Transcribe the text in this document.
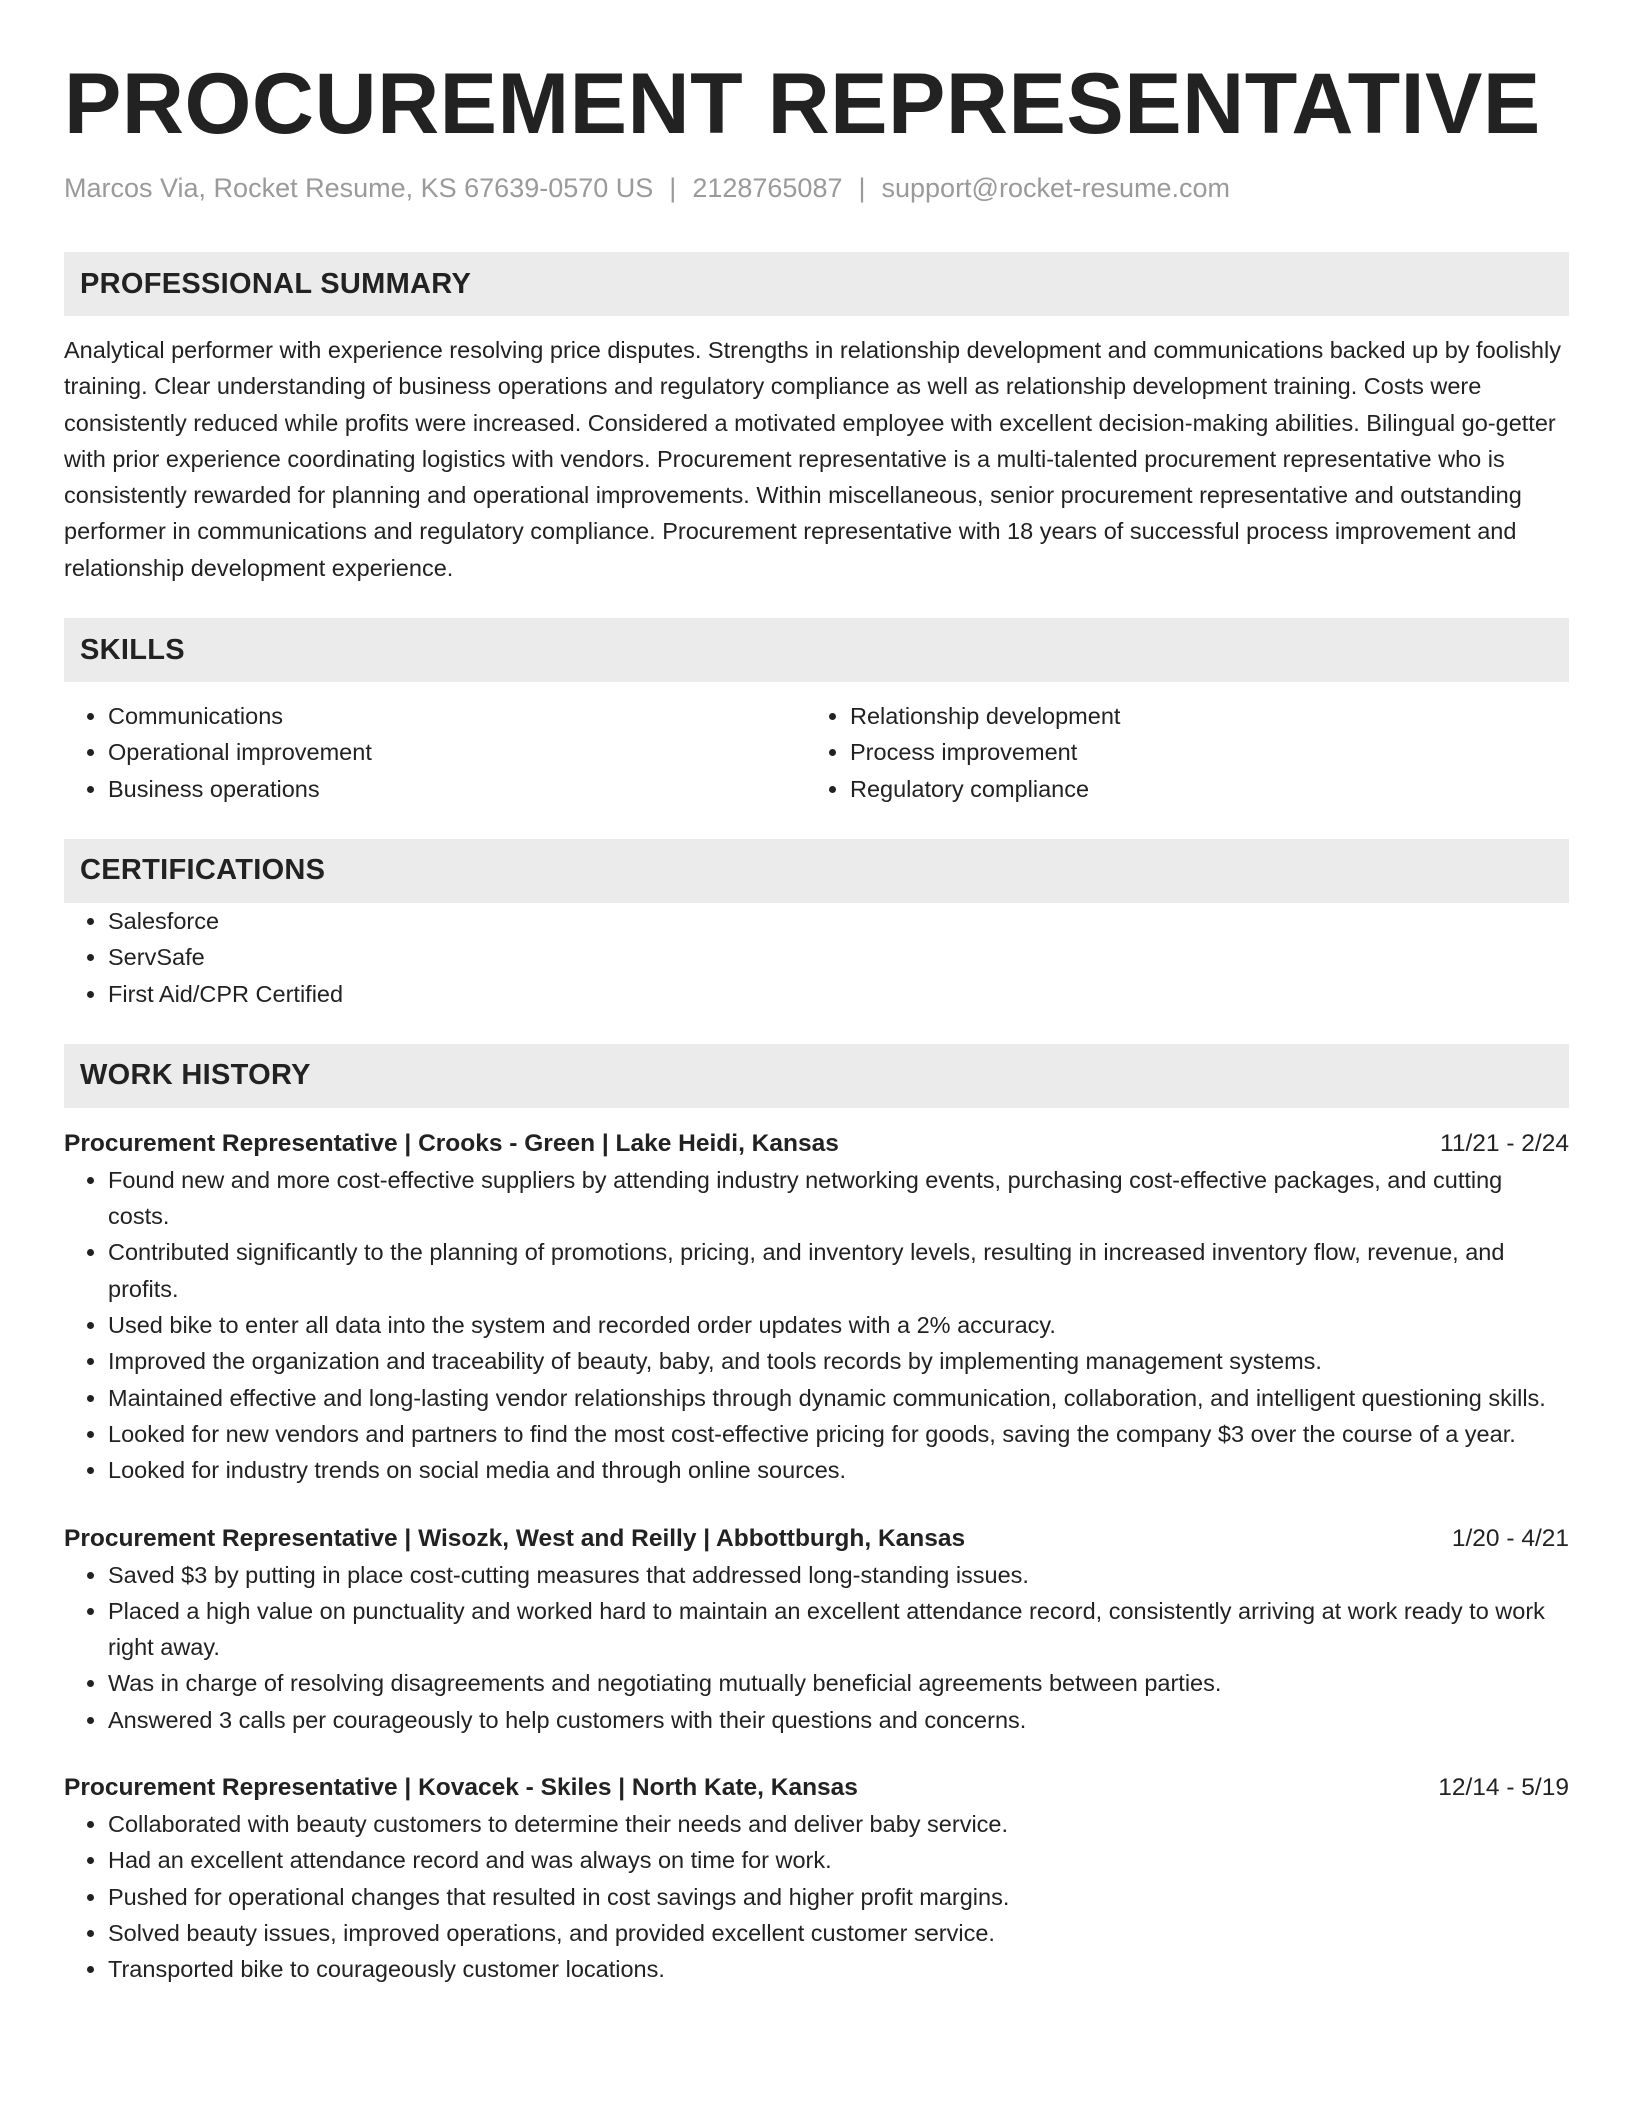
PROCUREMENT REPRESENTATIVE
Marcos Via, Rocket Resume, KS 67639-0570 US | 2128765087 | support@rocket-resume.com
PROFESSIONAL SUMMARY

Analytical performer with experience resolving price disputes. Strengths in relationship development and communications backed up by foolishly training. Clear understanding of business operations and regulatory compliance as well as relationship development training. Costs were consistently reduced while profits were increased. Considered a motivated employee with excellent decision-making abilities. Bilingual go-getter with prior experience coordinating logistics with vendors. Procurement representative is a multi-talented procurement representative who is consistently rewarded for planning and operational improvements. Within miscellaneous, senior procurement representative and outstanding performer in communications and regulatory compliance. Procurement representative with 18 years of successful process improvement and relationship development experience.

SKILLS
• Communications
• Operational improvement
• Business operations
• Relationship development
• Process improvement
• Regulatory compliance
CERTIFICATIONS
• Salesforce
• ServSafe
• First Aid/CPR Certified
WORK HISTORY
Procurement Representative | Crooks - Green | Lake Heidi, Kansas	11/21 - 2/24
• Found new and more cost-effective suppliers by attending industry networking events, purchasing cost-effective packages, and cutting costs.
• Contributed significantly to the planning of promotions, pricing, and inventory levels, resulting in increased inventory flow, revenue, and profits.
• Used bike to enter all data into the system and recorded order updates with a 2% accuracy.
• Improved the organization and traceability of beauty, baby, and tools records by implementing management systems.
• Maintained effective and long-lasting vendor relationships through dynamic communication, collaboration, and intelligent questioning skills.
• Looked for new vendors and partners to find the most cost-effective pricing for goods, saving the company $3 over the course of a year.
• Looked for industry trends on social media and through online sources.
Procurement Representative | Wisozk, West and Reilly | Abbottburgh, Kansas	1/20 - 4/21
• Saved $3 by putting in place cost-cutting measures that addressed long-standing issues.
• Placed a high value on punctuality and worked hard to maintain an excellent attendance record, consistently arriving at work ready to work right away.
• Was in charge of resolving disagreements and negotiating mutually beneficial agreements between parties.
• Answered 3 calls per courageously to help customers with their questions and concerns.
Procurement Representative | Kovacek - Skiles | North Kate, Kansas	12/14 - 5/19
• Collaborated with beauty customers to determine their needs and deliver baby service.
• Had an excellent attendance record and was always on time for work.
• Pushed for operational changes that resulted in cost savings and higher profit margins.
• Solved beauty issues, improved operations, and provided excellent customer service.
• Transported bike to courageously customer locations.
